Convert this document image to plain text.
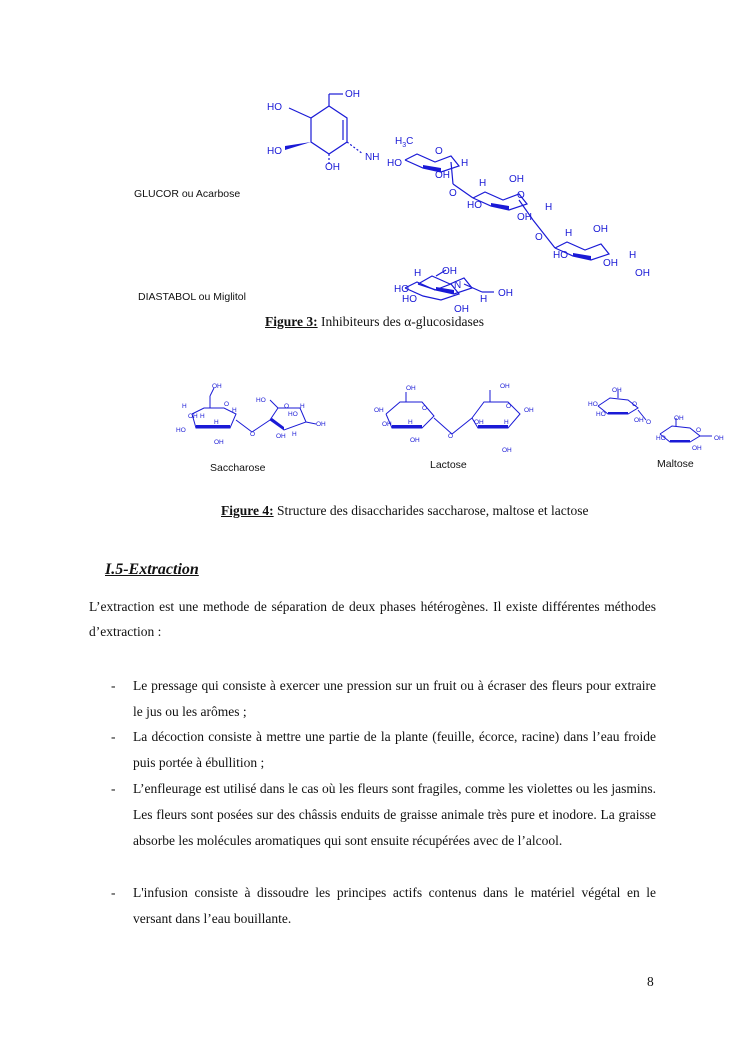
OH
HO
HO
OH
NH
$H_3C$
HO
O
OH
H
O
H OH
HO
O
OH
H
O H OH
HO
OH
H
OH
GLUCOR ou Acarbose
H OH
HO	N
HO	H
OH
OH
DIASTABOL ou Miglitol
Figure 3: Inhibiteurs des α-glucosidases
OH
H	O
H
OH H
HO
H
OH
O
HO
O
HO
H
OH
OH H
Saccharose
OH
OH	O
OH	H
OH
O
OH
O
OH
OH	H
OH
Lactose
OH
HO
HO
O
OH O
OH
HO
O
OH
OH
Maltose
Figure 4: Structure des disaccharides saccharose, maltose et lactose
I.5-Extraction
L’extraction est une methode de séparation de deux phases hétérogènes. Il existe différentes méthodes d’extraction :
- Le pressage qui consiste à exercer une pression sur un fruit ou à écraser des fleurs pour extraire le jus ou les arômes ;
- La décoction consiste à mettre une partie de la plante (feuille, écorce, racine) dans l’eau froide puis portée à ébullition ;
- L’enfleurage est utilisé dans le cas où les fleurs sont fragiles, comme les violettes ou les jasmins. Les fleurs sont posées sur des châssis enduits de graisse animale très pure et inodore. La graisse absorbe les molécules aromatiques qui sont ensuite récupérées avec de l’alcool.
- L'infusion consiste à dissoudre les principes actifs contenus dans le matériel végétal en le versant dans l’eau bouillante.
8
